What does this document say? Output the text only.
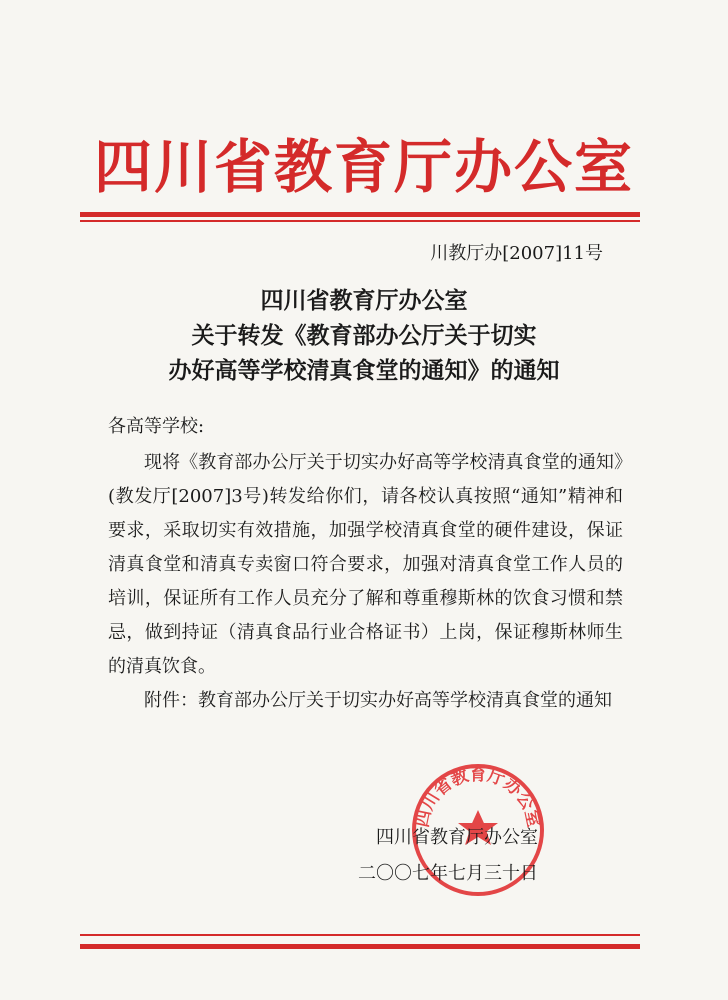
四川省教育厅办公室
川教厅办[2007]11号
四川省教育厅办公室
关于转发《教育部办公厅关于切实
办好高等学校清真食堂的通知》的通知
各高等学校:

现将《教育部办公厅关于切实办好高等学校清真食堂的通知》(教发厅[2007]3号)转发给你们，请各校认真按照“通知”精神和要求，采取切实有效措施，加强学校清真食堂的硬件建设，保证清真食堂和清真专卖窗口符合要求，加强对清真食堂工作人员的培训，保证所有工作人员充分了解和尊重穆斯林的饮食习惯和禁忌，做到持证（清真食品行业合格证书）上岗，保证穆斯林师生的清真饮食。

附件：教育部办公厅关于切实办好高等学校清真食堂的通知

四川省教育厅办公室
四川省教育厅办公室
二〇〇七年七月三十日
